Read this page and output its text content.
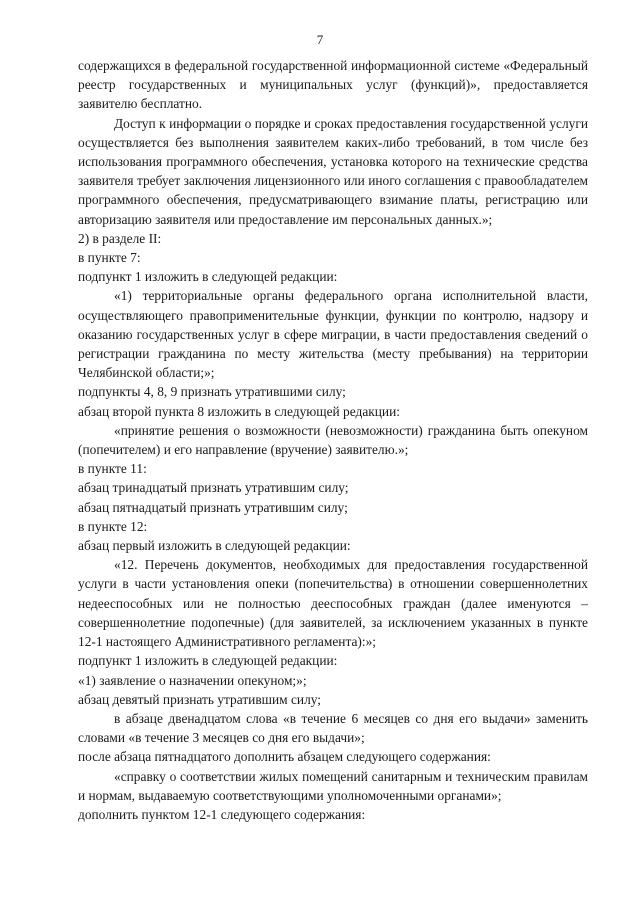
7

содержащихся в федеральной государственной информационной системе «Федеральный реестр государственных и муниципальных услуг (функций)», предоставляется заявителю бесплатно.

Доступ к информации о порядке и сроках предоставления государственной услуги осуществляется без выполнения заявителем каких-либо требований, в том числе без использования программного обеспечения, установка которого на технические средства заявителя требует заключения лицензионного или иного соглашения с правообладателем программного обеспечения, предусматривающего взимание платы, регистрацию или авторизацию заявителя или предоставление им персональных данных.»;

2) в разделе II:

в пункте 7:

подпункт 1 изложить в следующей редакции:

«1) территориальные органы федерального органа исполнительной власти, осуществляющего правоприменительные функции, функции по контролю, надзору и оказанию государственных услуг в сфере миграции, в части предоставления сведений о регистрации гражданина по месту жительства (месту пребывания) на территории Челябинской области;»;

подпункты 4, 8, 9 признать утратившими силу;

абзац второй пункта 8 изложить в следующей редакции:

«принятие решения о возможности (невозможности) гражданина быть опекуном (попечителем) и его направление (вручение) заявителю.»;

в пункте 11:

абзац тринадцатый признать утратившим силу;

абзац пятнадцатый признать утратившим силу;

в пункте 12:

абзац первый изложить в следующей редакции:

«12. Перечень документов, необходимых для предоставления государственной услуги в части установления опеки (попечительства) в отношении совершеннолетних недееспособных или не полностью дееспособных граждан (далее именуются – совершеннолетние подопечные) (для заявителей, за исключением указанных в пункте 12-1 настоящего Административного регламента):»;

подпункт 1 изложить в следующей редакции:

«1) заявление о назначении опекуном;»;

абзац девятый признать утратившим силу;

в абзаце двенадцатом слова «в течение 6 месяцев со дня его выдачи» заменить словами «в течение 3 месяцев со дня его выдачи»;

после абзаца пятнадцатого дополнить абзацем следующего содержания:

«справку о соответствии жилых помещений санитарным и техническим правилам и нормам, выдаваемую соответствующими уполномоченными органами»;

дополнить пунктом 12-1 следующего содержания:
